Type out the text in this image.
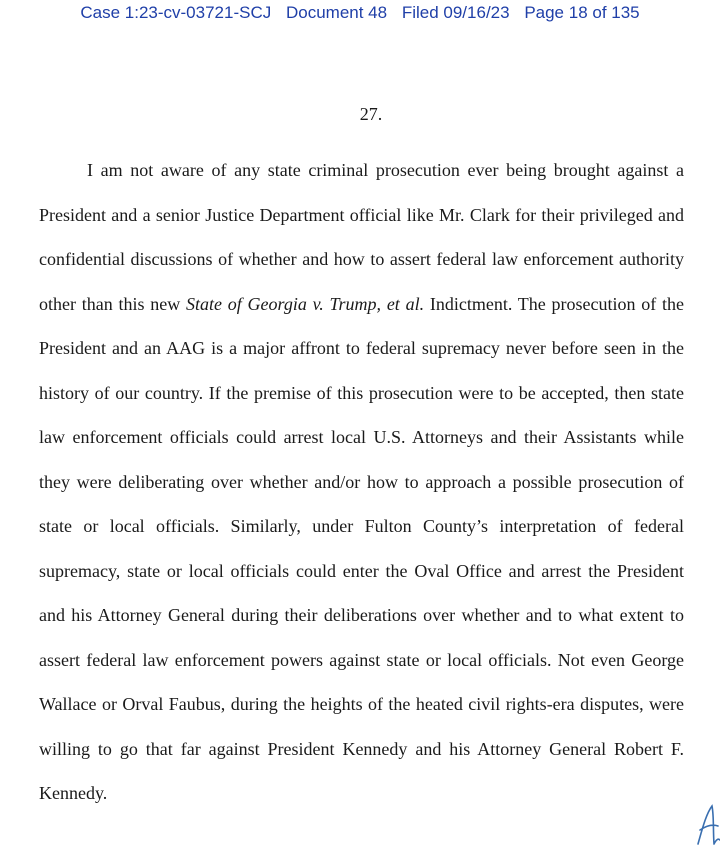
Case 1:23-cv-03721-SCJ Document 48 Filed 09/16/23 Page 18 of 135
27.

I am not aware of any state criminal prosecution ever being brought against a President and a senior Justice Department official like Mr. Clark for their privileged and confidential discussions of whether and how to assert federal law enforcement authority other than this new State of Georgia v. Trump, et al. Indictment. The prosecution of the President and an AAG is a major affront to federal supremacy never before seen in the history of our country. If the premise of this prosecution were to be accepted, then state law enforcement officials could arrest local U.S. Attorneys and their Assistants while they were deliberating over whether and/or how to approach a possible prosecution of state or local officials. Similarly, under Fulton County’s interpretation of federal supremacy, state or local officials could enter the Oval Office and arrest the President and his Attorney General during their deliberations over whether and to what extent to assert federal law enforcement powers against state or local officials. Not even George Wallace or Orval Faubus, during the heights of the heated civil rights-era disputes, were willing to go that far against President Kennedy and his Attorney General Robert F. Kennedy.
